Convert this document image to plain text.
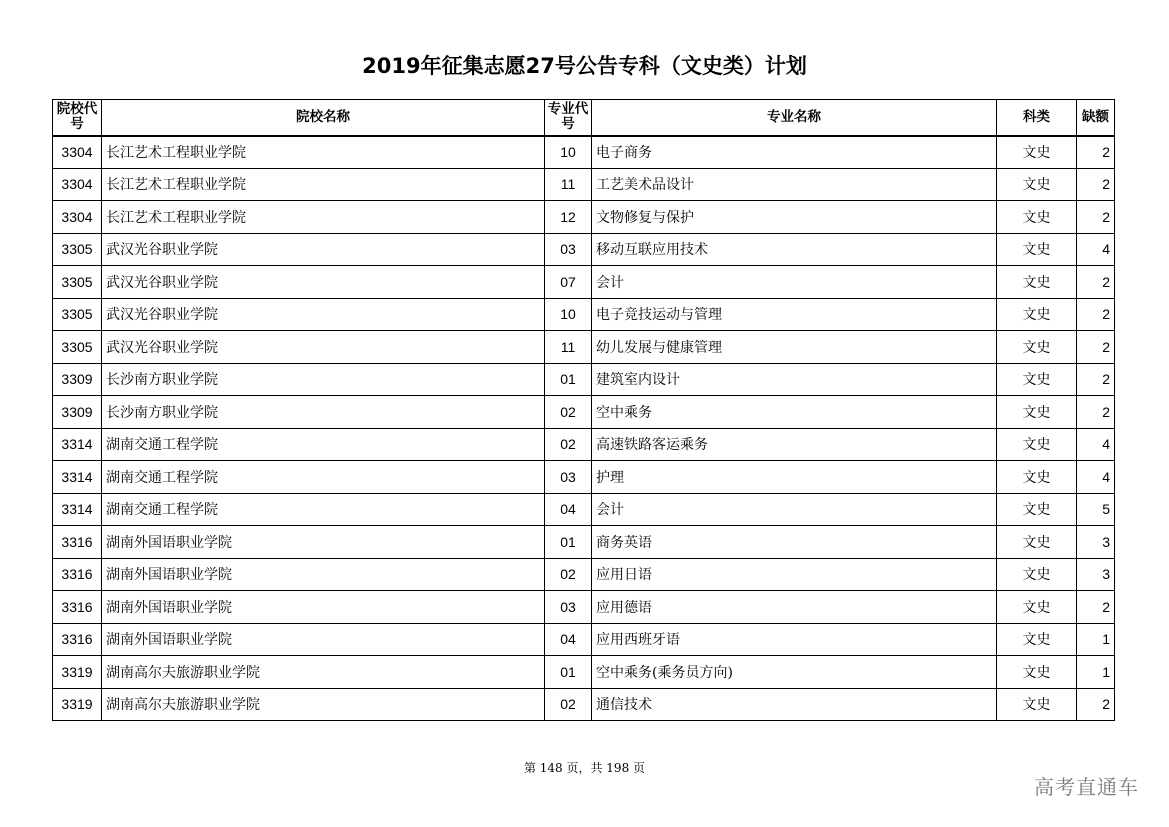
2019年征集志愿27号公告专科（文史类）计划
院校代号	院校名称	专业代号	专业名称	科类	缺额
3304	长江艺术工程职业学院	10	电子商务	文史	2
3304	长江艺术工程职业学院	11	工艺美术品设计	文史	2
3304	长江艺术工程职业学院	12	文物修复与保护	文史	2
3305	武汉光谷职业学院	03	移动互联应用技术	文史	4
3305	武汉光谷职业学院	07	会计	文史	2
3305	武汉光谷职业学院	10	电子竞技运动与管理	文史	2
3305	武汉光谷职业学院	11	幼儿发展与健康管理	文史	2
3309	长沙南方职业学院	01	建筑室内设计	文史	2
3309	长沙南方职业学院	02	空中乘务	文史	2
3314	湖南交通工程学院	02	高速铁路客运乘务	文史	4
3314	湖南交通工程学院	03	护理	文史	4
3314	湖南交通工程学院	04	会计	文史	5
3316	湖南外国语职业学院	01	商务英语	文史	3
3316	湖南外国语职业学院	02	应用日语	文史	3
3316	湖南外国语职业学院	03	应用德语	文史	2
3316	湖南外国语职业学院	04	应用西班牙语	文史	1
3319	湖南高尔夫旅游职业学院	01	空中乘务(乘务员方向)	文史	1
3319	湖南高尔夫旅游职业学院	02	通信技术	文史	2
第 148 页，共 198 页
高考直通车
